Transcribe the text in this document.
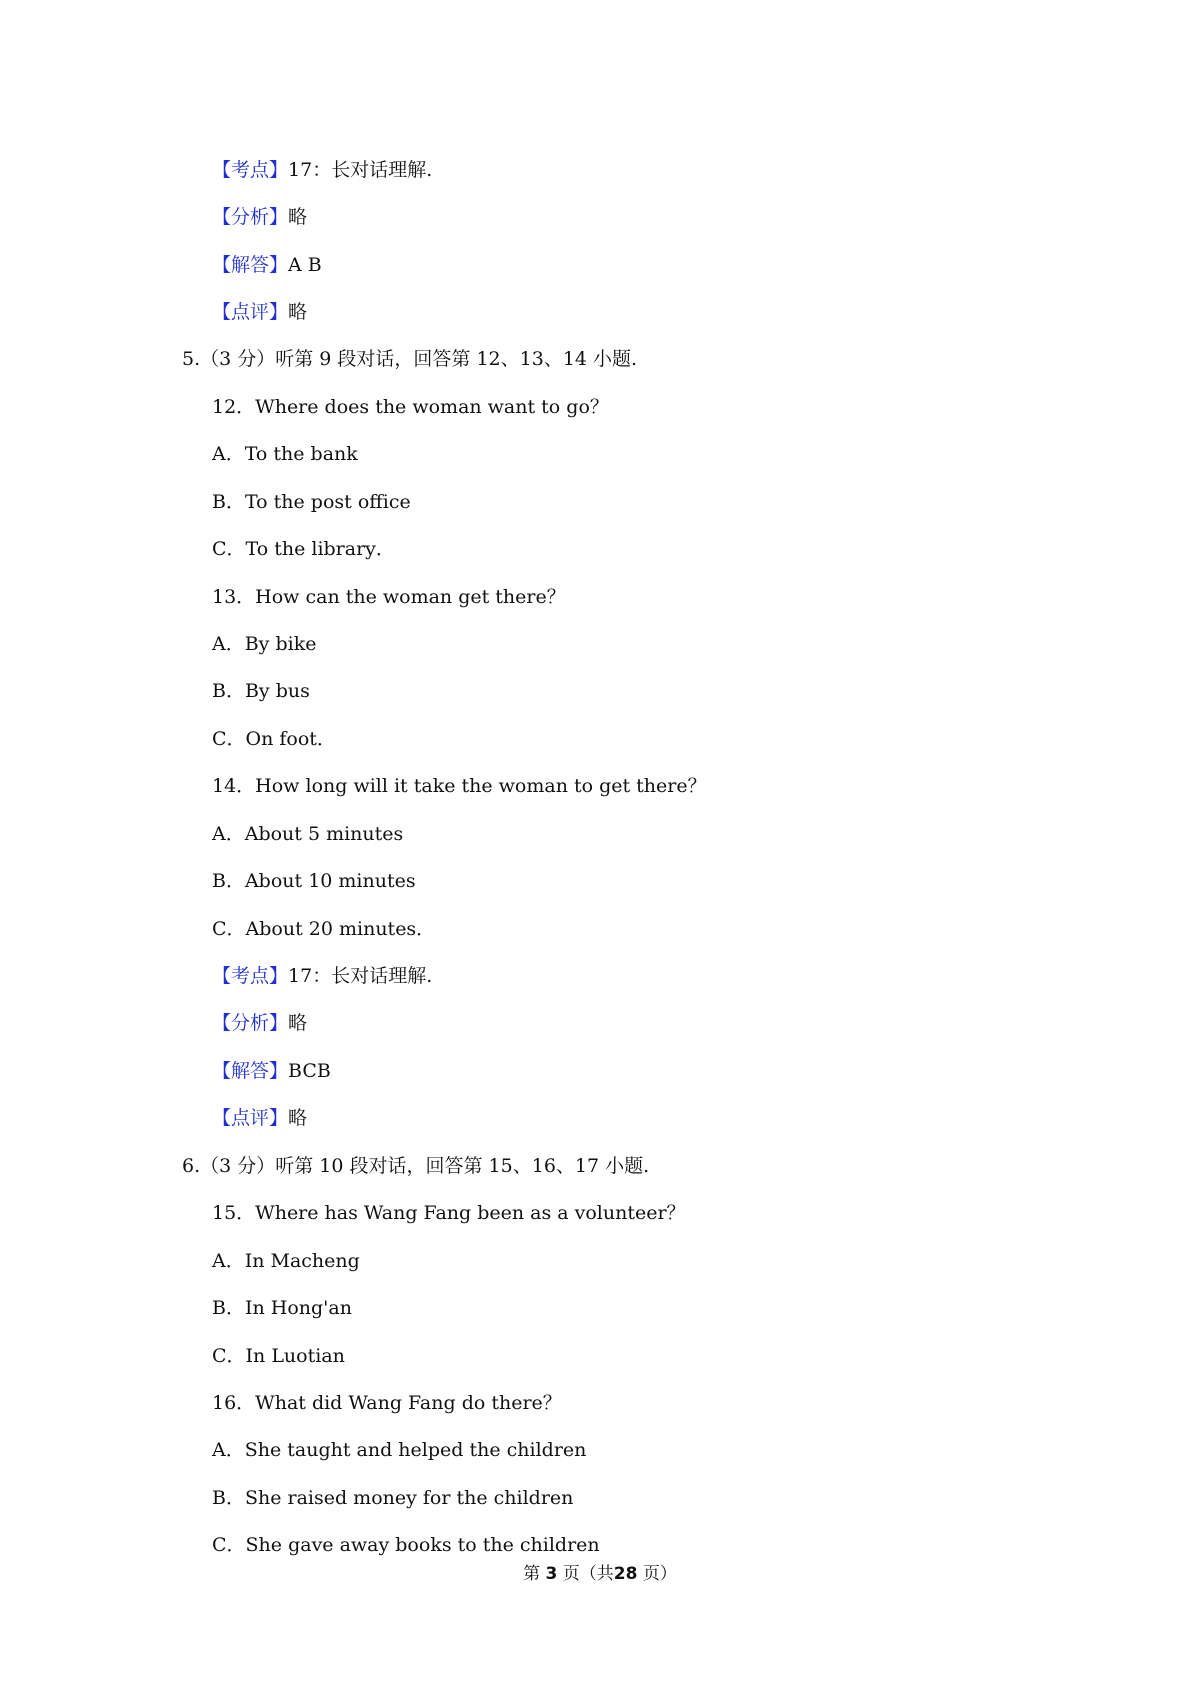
【考点】17：长对话理解.
【分析】略
【解答】A B
【点评】略
5.（3 分）听第 9 段对话，回答第 12、13、14 小题.
12．Where does the woman want to go？
A．To the bank
B．To the post office
C．To the library．
13．How can the woman get there？
A．By bike
B．By bus
C．On foot．
14．How long will it take the woman to get there？
A．About 5 minutes
B．About 10 minutes
C．About 20 minutes．
【考点】17：长对话理解.
【分析】略
【解答】BCB
【点评】略
6.（3 分）听第 10 段对话，回答第 15、16、17 小题.
15．Where has Wang Fang been as a volunteer？
A．In Macheng
B．In Hong'an
C．In Luotian
16．What did Wang Fang do there？
A．She taught and helped the children
B．She raised money for the children
C．She gave away books to the children
第 3 页（共28 页）
